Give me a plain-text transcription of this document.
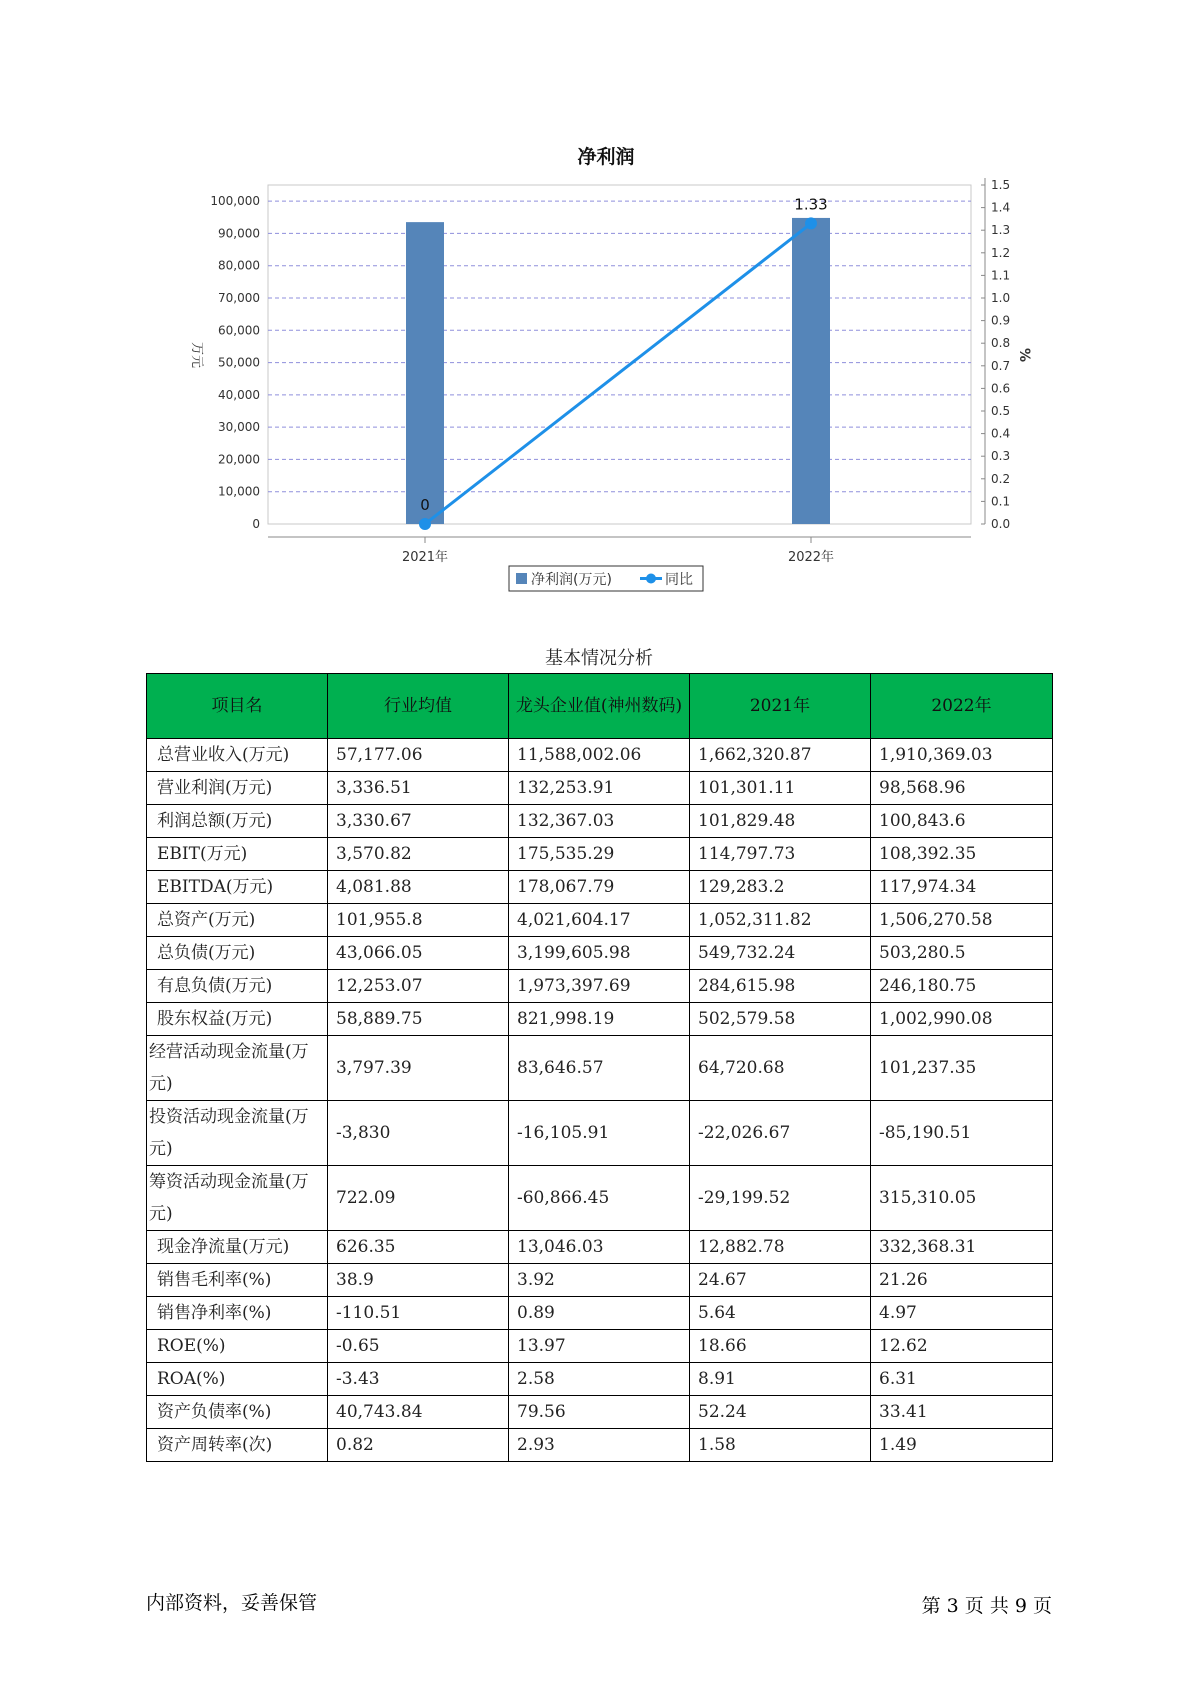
0
10,000
20,000
30,000
40,000
50,000
60,000
70,000
80,000
90,000
100,000
0.0
0.1
0.2
0.3
0.4
0.5
0.6
0.7
0.8
0.9
1.0
1.1
1.2
1.3
1.4
1.5
2021年	2022年
0
1.33
净利润
万元	%
净利润(万元)	同比
基本情况分析
项目名	行业均值	龙头企业值(神州数码)	2021年	2022年
总营业收入(万元)	57,177.06	11,588,002.06	1,662,320.87	1,910,369.03
营业利润(万元)	3,336.51	132,253.91	101,301.11	98,568.96
利润总额(万元)	3,330.67	132,367.03	101,829.48	100,843.6
EBIT(万元)	3,570.82	175,535.29	114,797.73	108,392.35
EBITDA(万元)	4,081.88	178,067.79	129,283.2	117,974.34
总资产(万元)	101,955.8	4,021,604.17	1,052,311.82	1,506,270.58
总负债(万元)	43,066.05	3,199,605.98	549,732.24	503,280.5
有息负债(万元)	12,253.07	1,973,397.69	284,615.98	246,180.75
股东权益(万元)	58,889.75	821,998.19	502,579.58	1,002,990.08
经营活动现金流量(万元)	3,797.39	83,646.57	64,720.68	101,237.35
投资活动现金流量(万元)	-3,830	-16,105.91	-22,026.67	-85,190.51
筹资活动现金流量(万元)	722.09	-60,866.45	-29,199.52	315,310.05
现金净流量(万元)	626.35	13,046.03	12,882.78	332,368.31
销售毛利率(%)	38.9	3.92	24.67	21.26
销售净利率(%)	-110.51	0.89	5.64	4.97
ROE(%)	-0.65	13.97	18.66	12.62
ROA(%)	-3.43	2.58	8.91	6.31
资产负债率(%)	40,743.84	79.56	52.24	33.41
资产周转率(次)	0.82	2.93	1.58	1.49
内部资料，妥善保管	第 3 页 共 9 页
